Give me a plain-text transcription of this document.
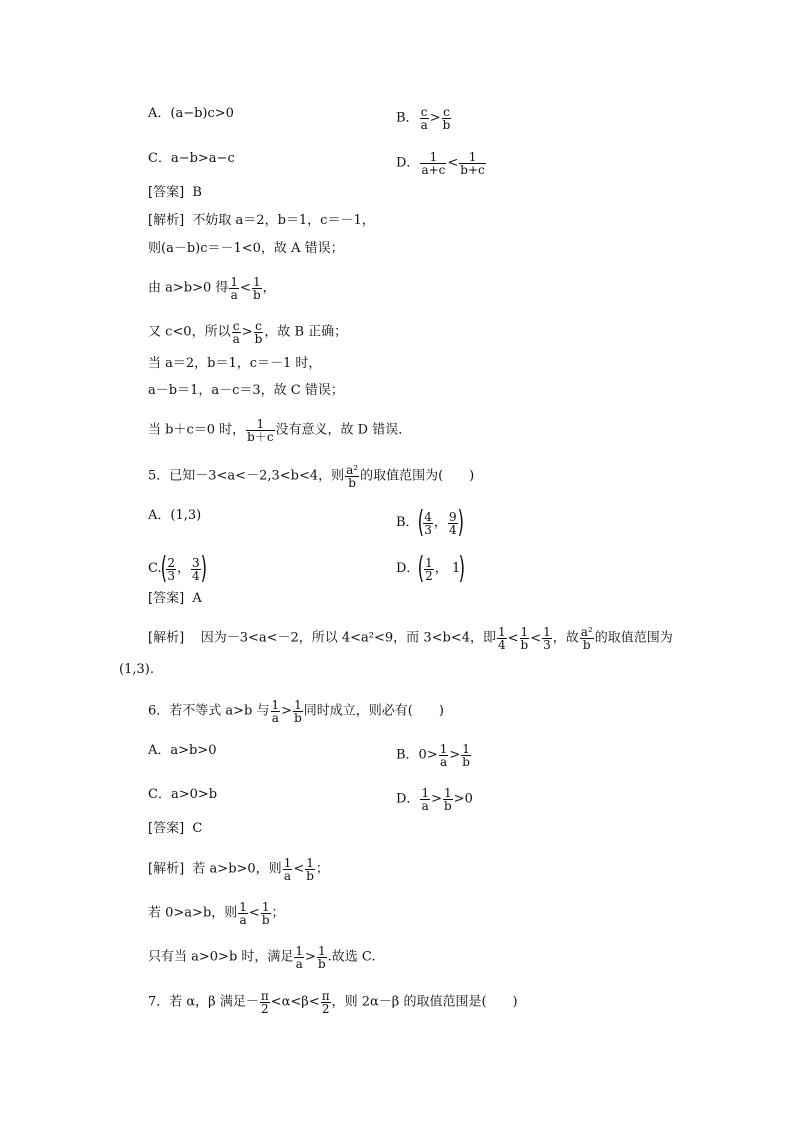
A．(a−b)c>0	B． $\frac{c}{a} > \frac{c}{b}$
C．a−b>a−c	D． $\frac{1}{a+c} < \frac{1}{b+c}$
[答案] B
[解析] 不妨取 a＝2，b＝1，c＝－1，
则(a－b)c＝－1<0，故 A 错误；
由 a>b>0 得 $\frac{1}{a} < \frac{1}{b}$ ，
又 c<0，所以 $\frac{c}{a} > \frac{c}{b}$ ，故 B 正确；
当 a＝2，b＝1，c＝－1 时，
a－b＝1，a－c＝3，故 C 错误；
当 b＋c＝0 时， $\frac{1}{b+c}$ 没有意义，故 D 错误．
5．已知－3<a<－2,3<b<4，则 $\frac{\text{a²}}{b}$ 的取值范围为(　　)
A．(1,3)	B．( $\frac{4}{3}$ ， $\frac{9}{4}$ )
$C.( \frac{2}{3}$ ， $\frac{3}{4}$ )	D．( $\frac{1}{2}$ ， 1)
[答案] A
[解析] 因为－3<a<－2，所以 4<a²<9，而 3<b<4，即 $\frac{1}{4} < \frac{1}{b} < \frac{1}{3}$ ，故 $\frac{\text{a²}}{b}$ 的取值范围为
(1,3).
6．若不等式 a>b 与 $\frac{1}{a} > \frac{1}{b}$ 同时成立，则必有(　　)
A．a>b>0	B．$0> \frac{1}{a} > \frac{1}{b}$
C．a>0>b	D． $\frac{1}{a} > \frac{1}{b} >0$
[答案] C
[解析] 若 a>b>0，则 $\frac{1}{a} < \frac{1}{b}$ ；
若 0>a>b，则 $\frac{1}{a} < \frac{1}{b}$ ；
只有当 a>0>b 时，满足 $\frac{1}{a} > \frac{1}{b}$ .故选 C.
7．若 α，β 满足－ $\frac{\pi}{2} <\alpha<\beta< \frac{\pi}{2}$ ，则 2α－β 的取值范围是(　　)
